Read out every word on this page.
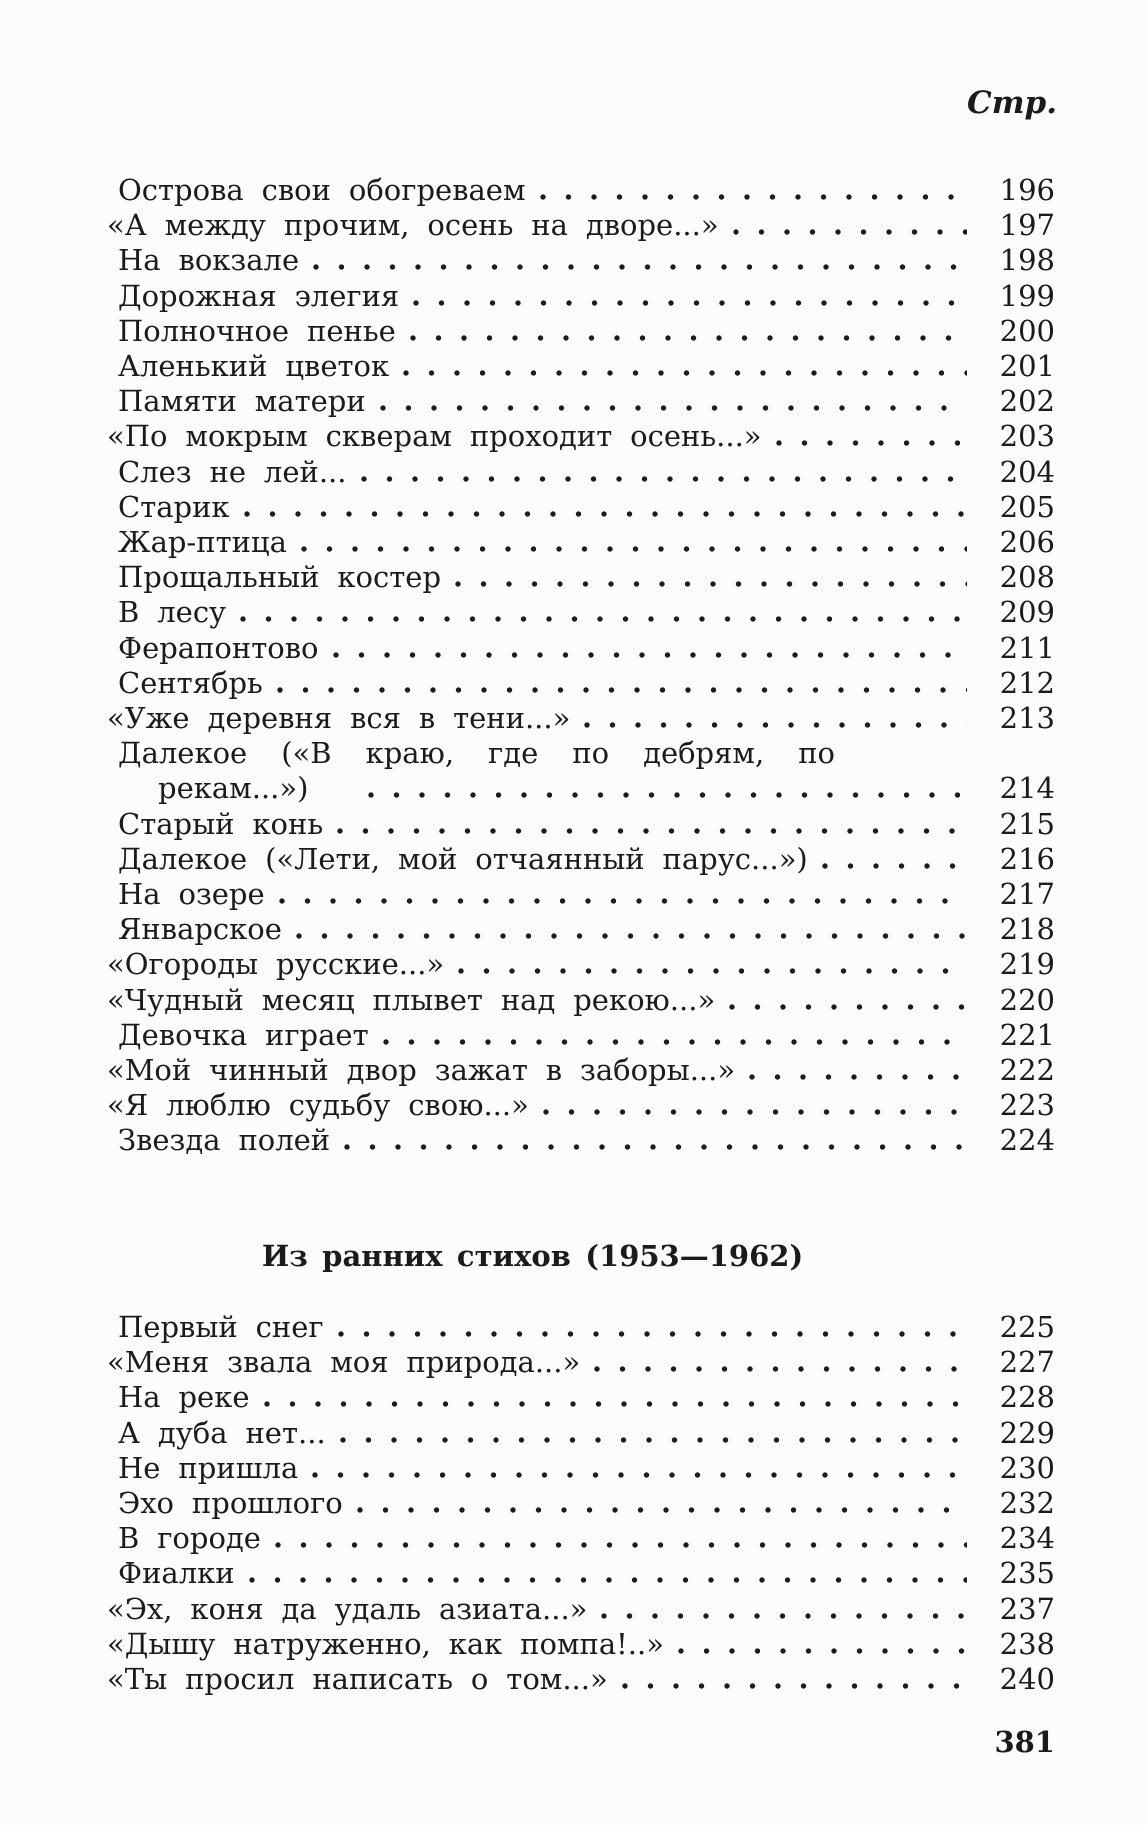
Стр.
Острова свои обогреваем	196
«А между прочим, осень на дворе...»	197
На вокзале	198
Дорожная элегия	199
Полночное пенье	200
Аленький цветок	201
Памяти матери	202
«По мокрым скверам проходит осень...»	203
Слез не лей...	204
Старик	205
Жар-птица	206
Прощальный костер	208
В лесу	209
Ферапонтово	211
Сентябрь	212
«Уже деревня вся в тени...»	213
Далекое («В краю, где по дебрям, по
рекам...»)	214
Старый конь	215
Далекое («Лети, мой отчаянный парус...»)	216
На озере	217
Январское	218
«Огороды русские...»	219
«Чудный месяц плывет над рекою...»	220
Девочка играет	221
«Мой чинный двор зажат в заборы...»	222
«Я люблю судьбу свою...»	223
Звезда полей	224
Из ранних стихов (1953—1962)
Первый снег	225
«Меня звала моя природа...»	227
На реке	228
А дуба нет...	229
Не пришла	230
Эхо прошлого	232
В городе	234
Фиалки	235
«Эх, коня да удаль азиата...»	237
«Дышу натруженно, как помпа!..»	238
«Ты просил написать о том...»	240
381
